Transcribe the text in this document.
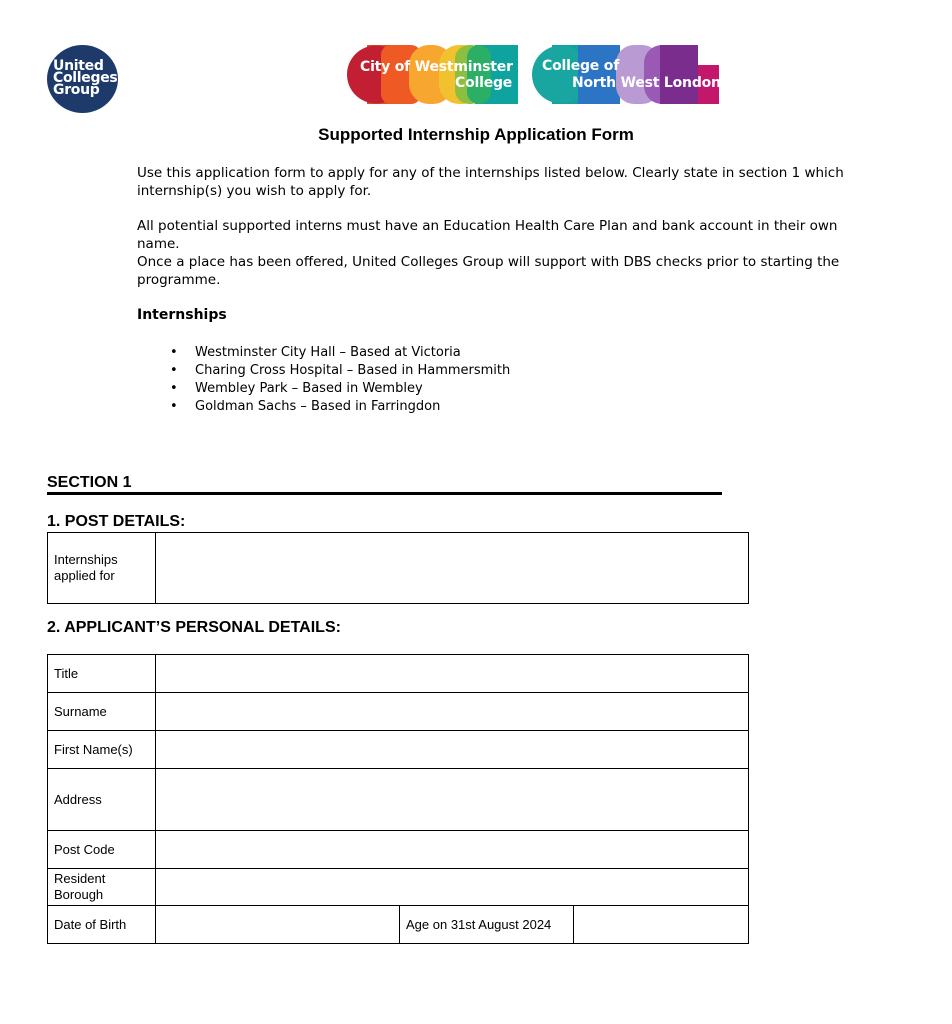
United
Colleges
Group
City of Westminster
College
College of
North West London
Supported Internship Application Form
Use this application form to apply for any of the internships listed below. Clearly state in section 1 which
internship(s) you wish to apply for.
All potential supported interns must have an Education Health Care Plan and bank account in their own
name.
Once a place has been offered, United Colleges Group will support with DBS checks prior to starting the
programme.
Internships
• Westminster City Hall – Based at Victoria
• Charing Cross Hospital – Based in Hammersmith
• Wembley Park – Based in Wembley
• Goldman Sachs – Based in Farringdon
SECTION 1
1. POST DETAILS:
Internships
applied for

2. APPLICANT’S PERSONAL DETAILS:
Title			
Surname			
First Name(s)			
Address			
Post Code			

Resident
Borough			

Date of Birth		Age on 31st August 2024	
